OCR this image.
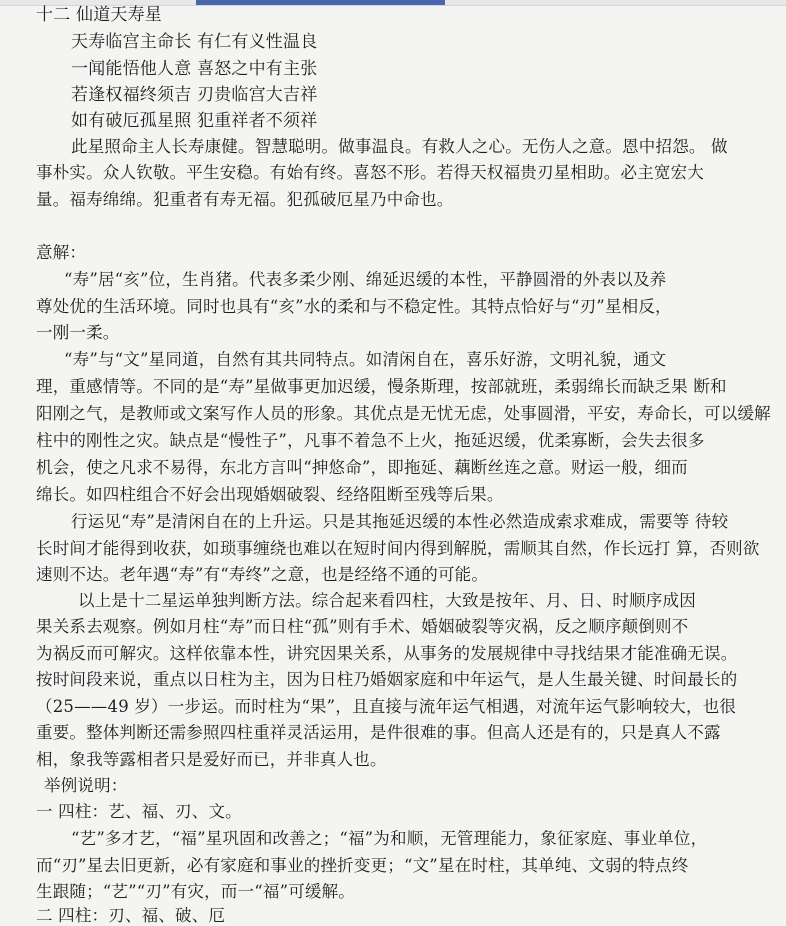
十二 仙道天寿星
天寿临宫主命长 有仁有义性温良
一闻能悟他人意 喜怒之中有主张
若逢权福终须吉 刃贵临宫大吉祥
如有破厄孤星照 犯重祥者不须祥
此星照命主人长寿康健。智慧聪明。做事温良。有救人之心。无伤人之意。恩中招怨。 做
事朴实。众人钦敬。平生安稳。有始有终。喜怒不形。若得天权福贵刃星相助。必主宽宏大
量。福寿绵绵。犯重者有寿无福。犯孤破厄星乃中命也。
意解：
“寿”居“亥”位，生肖猪。代表多柔少刚、绵延迟缓的本性，平静圆滑的外表以及养
尊处优的生活环境。同时也具有“亥”水的柔和与不稳定性。其特点恰好与“刃”星相反，
一刚一柔。
“寿”与“文”星同道，自然有其共同特点。如清闲自在，喜乐好游，文明礼貌，通文
理，重感情等。不同的是“寿”星做事更加迟缓，慢条斯理，按部就班，柔弱绵长而缺乏果 断和
阳刚之气，是教师或文案写作人员的形象。其优点是无忧无虑，处事圆滑，平安，寿命长，可以缓解
柱中的刚性之灾。缺点是“慢性子”，凡事不着急不上火，拖延迟缓，优柔寡断，会失去很多
机会，使之凡求不易得，东北方言叫“抻悠命”，即拖延、藕断丝连之意。财运一般，细而
绵长。如四柱组合不好会出现婚姻破裂、经络阻断至残等后果。
行运见“寿”是清闲自在的上升运。只是其拖延迟缓的本性必然造成索求难成，需要等 待较
长时间才能得到收获，如琐事缠绕也难以在短时间内得到解脱，需顺其自然，作长远打 算，否则欲
速则不达。老年遇“寿”有“寿终”之意，也是经络不通的可能。
以上是十二星运单独判断方法。综合起来看四柱，大致是按年、月、日、时顺序成因
果关系去观察。例如月柱“寿”而日柱“孤”则有手术、婚姻破裂等灾祸，反之顺序颠倒则不
为祸反而可解灾。这样依靠本性，讲究因果关系，从事务的发展规律中寻找结果才能准确无误。
按时间段来说，重点以日柱为主，因为日柱乃婚姻家庭和中年运气，是人生最关键、时间最长的
（25——49 岁）一步运。而时柱为“果”，且直接与流年运气相遇，对流年运气影响较大，也很
重要。整体判断还需参照四柱重祥灵活运用，是件很难的事。但高人还是有的，只是真人不露
相，象我等露相者只是爱好而已，并非真人也。
举例说明：
一 四柱：艺、福、刃、文。
“艺”多才艺，“福”星巩固和改善之；“福”为和顺，无管理能力，象征家庭、事业单位，
而“刃”星去旧更新，必有家庭和事业的挫折变更；“文”星在时柱，其单纯、文弱的特点终
生跟随；“艺”“刃”有灾，而一“福”可缓解。
二 四柱：刃、福、破、厄
